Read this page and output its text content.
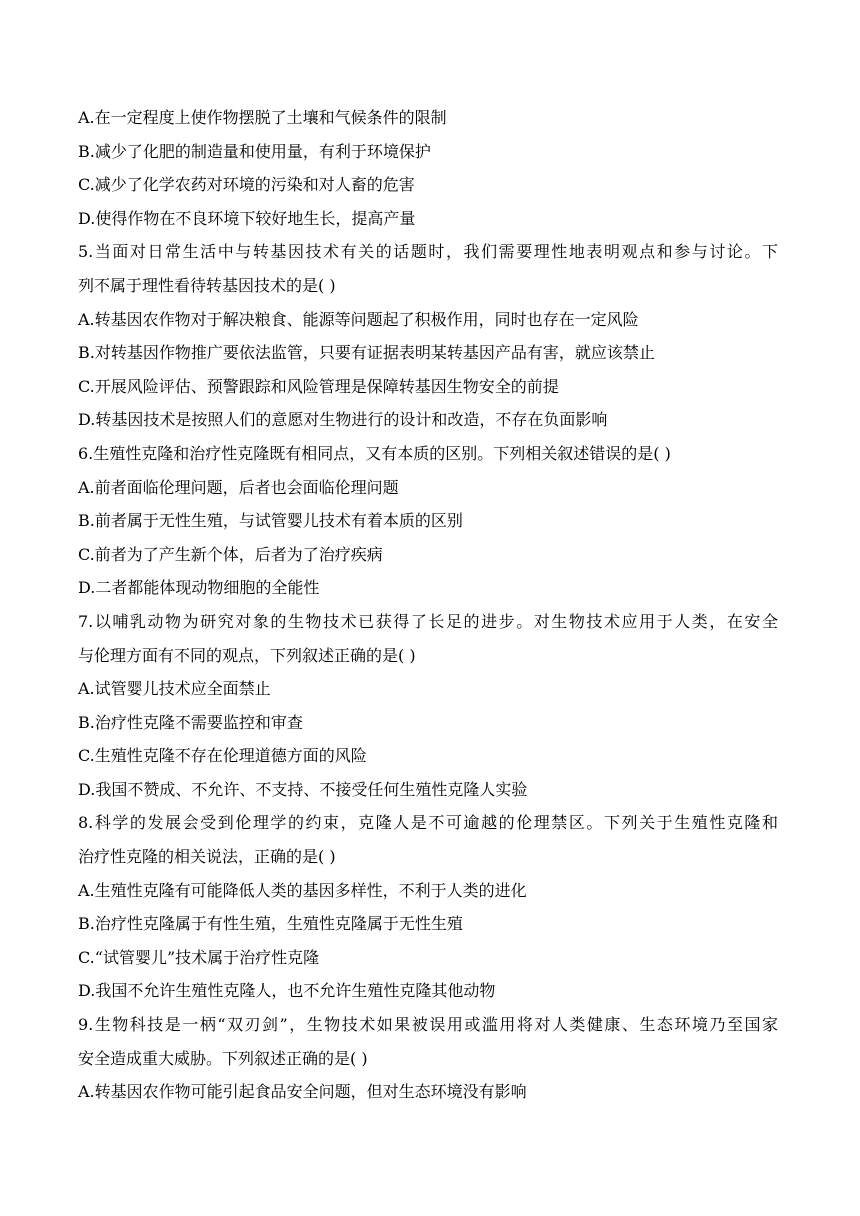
A.在一定程度上使作物摆脱了土壤和气候条件的限制
B.减少了化肥的制造量和使用量，有利于环境保护
C.减少了化学农药对环境的污染和对人畜的危害
D.使得作物在不良环境下较好地生长，提高产量
5.当面对日常生活中与转基因技术有关的话题时，我们需要理性地表明观点和参与讨论。下
列不属于理性看待转基因技术的是( )
A.转基因农作物对于解决粮食、能源等问题起了积极作用，同时也存在一定风险
B.对转基因作物推广要依法监管，只要有证据表明某转基因产品有害，就应该禁止
C.开展风险评估、预警跟踪和风险管理是保障转基因生物安全的前提
D.转基因技术是按照人们的意愿对生物进行的设计和改造，不存在负面影响
6.生殖性克隆和治疗性克隆既有相同点，又有本质的区别。下列相关叙述错误的是( )
A.前者面临伦理问题，后者也会面临伦理问题
B.前者属于无性生殖，与试管婴儿技术有着本质的区别
C.前者为了产生新个体，后者为了治疗疾病
D.二者都能体现动物细胞的全能性
7.以哺乳动物为研究对象的生物技术已获得了长足的进步。对生物技术应用于人类，在安全
与伦理方面有不同的观点，下列叙述正确的是( )
A.试管婴儿技术应全面禁止
B.治疗性克隆不需要监控和审查
C.生殖性克隆不存在伦理道德方面的风险
D.我国不赞成、不允许、不支持、不接受任何生殖性克隆人实验
8.科学的发展会受到伦理学的约束，克隆人是不可逾越的伦理禁区。下列关于生殖性克隆和
治疗性克隆的相关说法，正确的是( )
A.生殖性克隆有可能降低人类的基因多样性，不利于人类的进化
B.治疗性克隆属于有性生殖，生殖性克隆属于无性生殖
C.“试管婴儿”技术属于治疗性克隆
D.我国不允许生殖性克隆人，也不允许生殖性克隆其他动物
9.生物科技是一柄“双刃剑”，生物技术如果被误用或滥用将对人类健康、生态环境乃至国家
安全造成重大威胁。下列叙述正确的是( )
A.转基因农作物可能引起食品安全问题，但对生态环境没有影响
